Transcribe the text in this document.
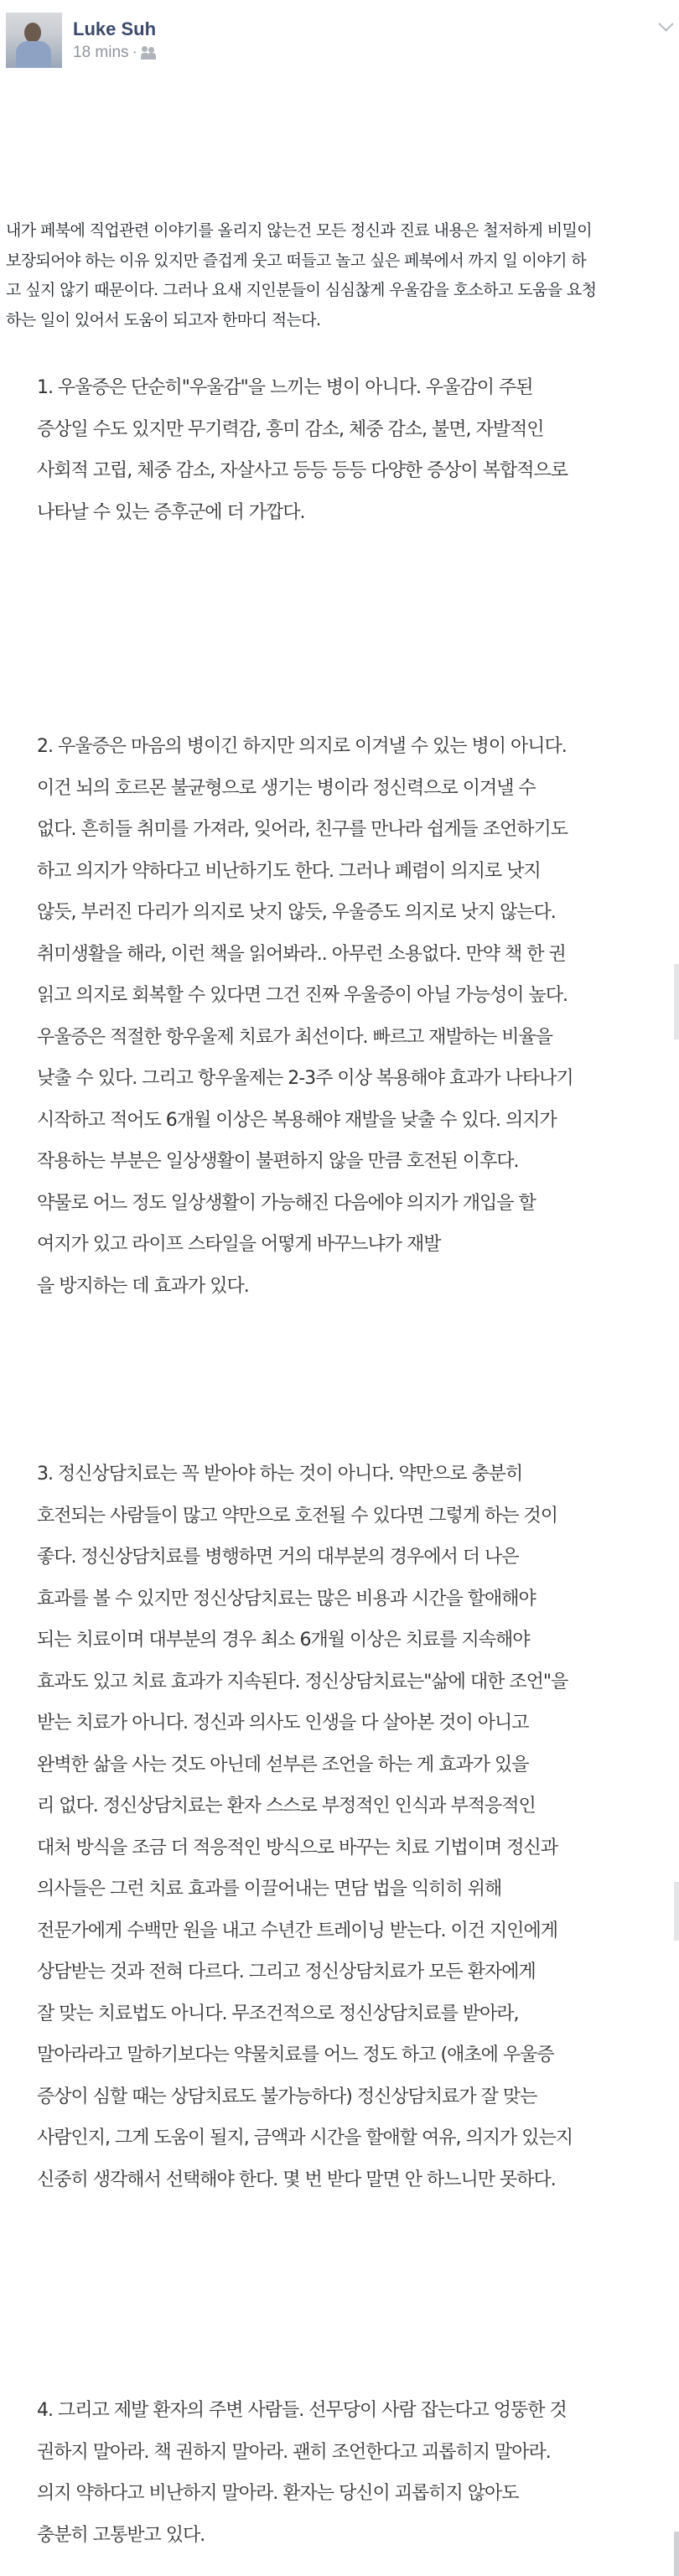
Luke Suh
18 mins ·
내가 페북에 직업관련 이야기를 올리지 않는건 모든 정신과 진료 내용은 철저하게 비밀이
보장되어야 하는 이유 있지만 즐겁게 웃고 떠들고 놀고 싶은 페북에서 까지 일 이야기 하
고 싶지 않기 때문이다. 그러나 요새 지인분들이 심심찮게 우울감을 호소하고 도움을 요청
하는 일이 있어서 도움이 되고자 한마디 적는다.
1. 우울증은 단순히"우울감"을 느끼는 병이 아니다. 우울감이 주된
증상일 수도 있지만 무기력감, 흥미 감소, 체중 감소, 불면, 자발적인
사회적 고립, 체중 감소, 자살사고 등등 등등 다양한 증상이 복합적으로
나타날 수 있는 증후군에 더 가깝다.
2. 우울증은 마음의 병이긴 하지만 의지로 이겨낼 수 있는 병이 아니다.
이건 뇌의 호르몬 불균형으로 생기는 병이라 정신력으로 이겨낼 수
없다. 흔히들 취미를 가져라, 잊어라, 친구를 만나라 쉽게들 조언하기도
하고 의지가 약하다고 비난하기도 한다. 그러나 폐렴이 의지로 낫지
않듯, 부러진 다리가 의지로 낫지 않듯, 우울증도 의지로 낫지 않는다.
취미생활을 해라, 이런 책을 읽어봐라.. 아무런 소용없다. 만약 책 한 권
읽고 의지로 회복할 수 있다면 그건 진짜 우울증이 아닐 가능성이 높다.
우울증은 적절한 항우울제 치료가 최선이다. 빠르고 재발하는 비율을
낮출 수 있다. 그리고 항우울제는 2-3주 이상 복용해야 효과가 나타나기
시작하고 적어도 6개월 이상은 복용해야 재발을 낮출 수 있다. 의지가
작용하는 부분은 일상생활이 불편하지 않을 만큼 호전된 이후다.
약물로 어느 정도 일상생활이 가능해진 다음에야 의지가 개입을 할
여지가 있고 라이프 스타일을 어떻게 바꾸느냐가 재발
을 방지하는 데 효과가 있다.
3. 정신상담치료는 꼭 받아야 하는 것이 아니다. 약만으로 충분히
호전되는 사람들이 많고 약만으로 호전될 수 있다면 그렇게 하는 것이
좋다. 정신상담치료를 병행하면 거의 대부분의 경우에서 더 나은
효과를 볼 수 있지만 정신상담치료는 많은 비용과 시간을 할애해야
되는 치료이며 대부분의 경우 최소 6개월 이상은 치료를 지속해야
효과도 있고 치료 효과가 지속된다. 정신상담치료는"삶에 대한 조언"을
받는 치료가 아니다. 정신과 의사도 인생을 다 살아본 것이 아니고
완벽한 삶을 사는 것도 아닌데 섣부른 조언을 하는 게 효과가 있을
리 없다. 정신상담치료는 환자 스스로 부정적인 인식과 부적응적인
대처 방식을 조금 더 적응적인 방식으로 바꾸는 치료 기법이며 정신과
의사들은 그런 치료 효과를 이끌어내는 면담 법을 익히히 위해
전문가에게 수백만 원을 내고 수년간 트레이닝 받는다. 이건 지인에게
상담받는 것과 전혀 다르다. 그리고 정신상담치료가 모든 환자에게
잘 맞는 치료법도 아니다. 무조건적으로 정신상담치료를 받아라,
말아라라고 말하기보다는 약물치료를 어느 정도 하고 (애초에 우울증
증상이 심할 때는 상담치료도 불가능하다) 정신상담치료가 잘 맞는
사람인지, 그게 도움이 될지, 금액과 시간을 할애할 여유, 의지가 있는지
신중히 생각해서 선택해야 한다. 몇 번 받다 말면 안 하느니만 못하다.
4. 그리고 제발 환자의 주변 사람들. 선무당이 사람 잡는다고 엉뚱한 것
권하지 말아라. 책 권하지 말아라. 괜히 조언한다고 괴롭히지 말아라.
의지 약하다고 비난하지 말아라. 환자는 당신이 괴롭히지 않아도
충분히 고통받고 있다.
